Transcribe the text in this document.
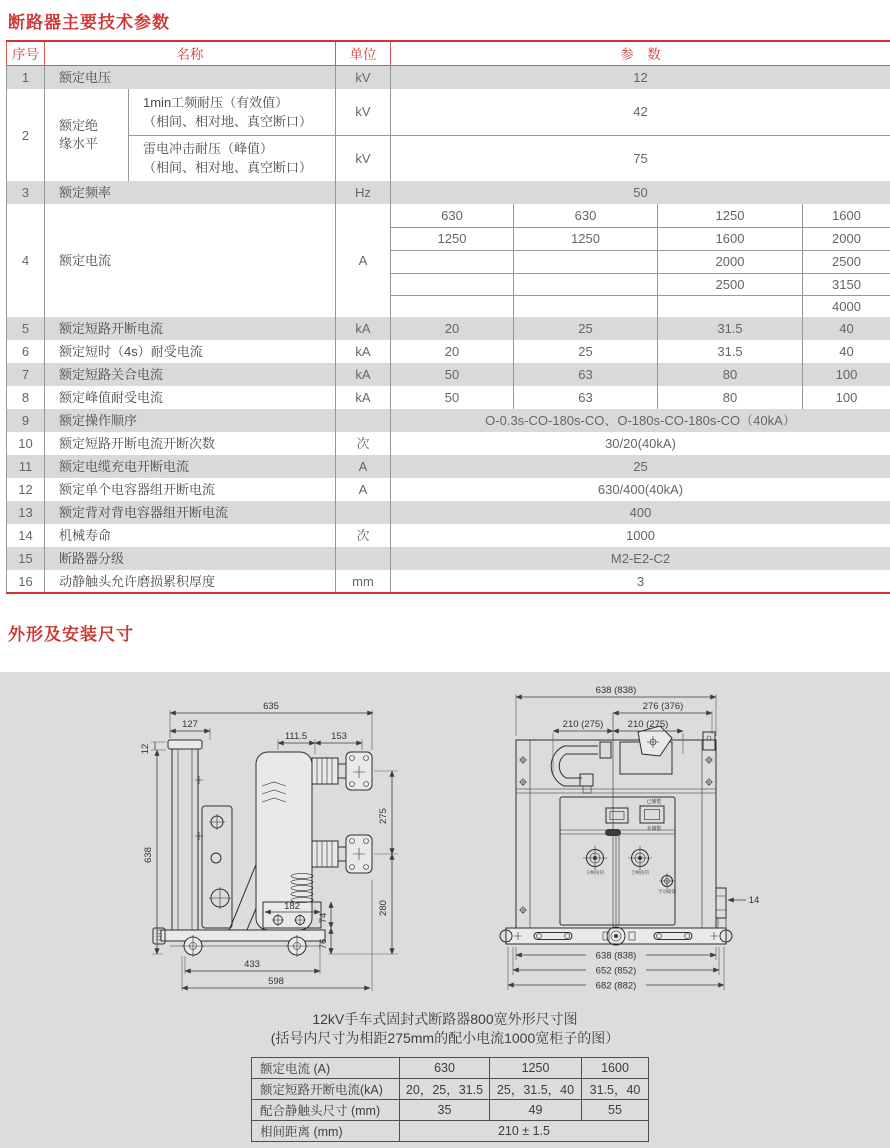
断路器主要技术参数
序号	名称		单位	参　数			
1	额定电压		kV	12			
2	额定绝缘水平	1min工频耐压（有效值）
（相间、相对地、真空断口）	kV	42			

		雷电冲击耐压（峰值）
（相间、相对地、真空断口）	kV	75			
3	额定频率		Hz	50			
4	额定电流		A	630	630	1250	1600
				1250	1250	1600	2000
						2000	2500
						2500	3150
							4000
5	额定短路开断电流		kA	20	25	31.5	40
6	额定短时（4s）耐受电流		kA	20	25	31.5	40
7	额定短路关合电流		kA	50	63	80	100
8	额定峰值耐受电流		kA	50	63	80	100
9	额定操作顺序			O-0.3s-CO-180s-CO、O-180s-CO-180s-CO（40kA）			
10	额定短路开断电流开断次数		次	30/20(40kA)			
11	额定电缆充电开断电流		A	25			
12	额定单个电容器组开断电流		A	630/400(40kA)			
13	额定背对背电容器组开断电流			400			
14	机械寿命		次	1000			
15	断路器分级			M2-E2-C2			
16	动静触头允许磨损累积厚度		mm	3			
外形及安装尺寸
635
127
111.5	153
12
638
275
280
182
74
76
433
598
已储能
未储能
分闸按钮	合闸按钮
手动储能
638 (838)
276 (376)
210 (275)	210 (275)
14
638 (838)
652 (852)
682 (882)
12kV手车式固封式断路器800宽外形尺寸图
(括号内尺寸为相距275mm的配小电流1000宽柜子的图）
额定电流 (A)	630	1250	1600
额定短路开断电流(kA)	20，25，31.5	25，31.5，40	31.5，40
配合静触头尺寸 (mm)	35	49	55
相间距离 (mm)	210 ± 1.5		
